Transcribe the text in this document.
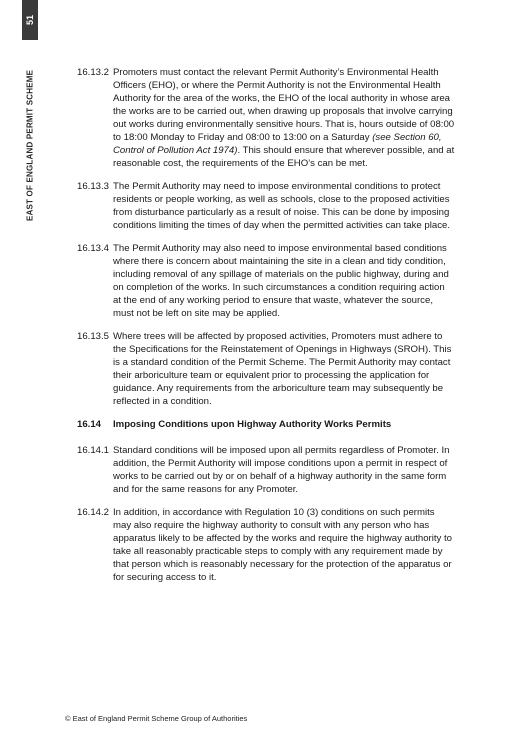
51
EAST OF ENGLAND PERMIT SCHEME	16.13.2 Promoters must contact the relevant Permit Authority’s Environmental Health Officers (EHO), or where the Permit Authority is not the Environmental Health Authority for the area of the works, the EHO of the local authority in whose area the works are to be carried out, when drawing up proposals that involve carrying out works during environmentally sensitive hours. That is, hours outside of 08:00 to 18:00 Monday to Friday and 08:00 to 13:00 on a Saturday (see Section 60, Control of Pollution Act 1974). This should ensure that wherever possible, and at reasonable cost, the requirements of the EHO’s can be met.
16.13.3 The Permit Authority may need to impose environmental conditions to protect residents or people working, as well as schools, close to the proposed activities from disturbance particularly as a result of noise. This can be done by imposing conditions limiting the times of day when the permitted activities can take place.
16.13.4 The Permit Authority may also need to impose environmental based conditions where there is concern about maintaining the site in a clean and tidy condition, including removal of any spillage of materials on the public highway, during and on completion of the works. In such circumstances a condition requiring action at the end of any working period to ensure that waste, whatever the source, must not be left on site may be applied.
16.13.5 Where trees will be affected by proposed activities, Promoters must adhere to the Specifications for the Reinstatement of Openings in Highways (SROH). This is a standard condition of the Permit Scheme. The Permit Authority may contact their arboriculture team or equivalent prior to processing the application for guidance. Any requirements from the arboriculture team may subsequently be reflected in a condition.
16.14	Imposing Conditions upon Highway Authority Works Permits
16.14.1 Standard conditions will be imposed upon all permits regardless of Promoter. In addition, the Permit Authority will impose conditions upon a permit in respect of works to be carried out by or on behalf of a highway authority in the same form and for the same reasons for any Promoter.
16.14.2 In addition, in accordance with Regulation 10 (3) conditions on such permits may also require the highway authority to consult with any person who has apparatus likely to be affected by the works and require the highway authority to take all reasonably practicable steps to comply with any requirement made by that person which is reasonably necessary for the protection of the apparatus or for securing access to it.
© East of England Permit Scheme Group of Authorities
